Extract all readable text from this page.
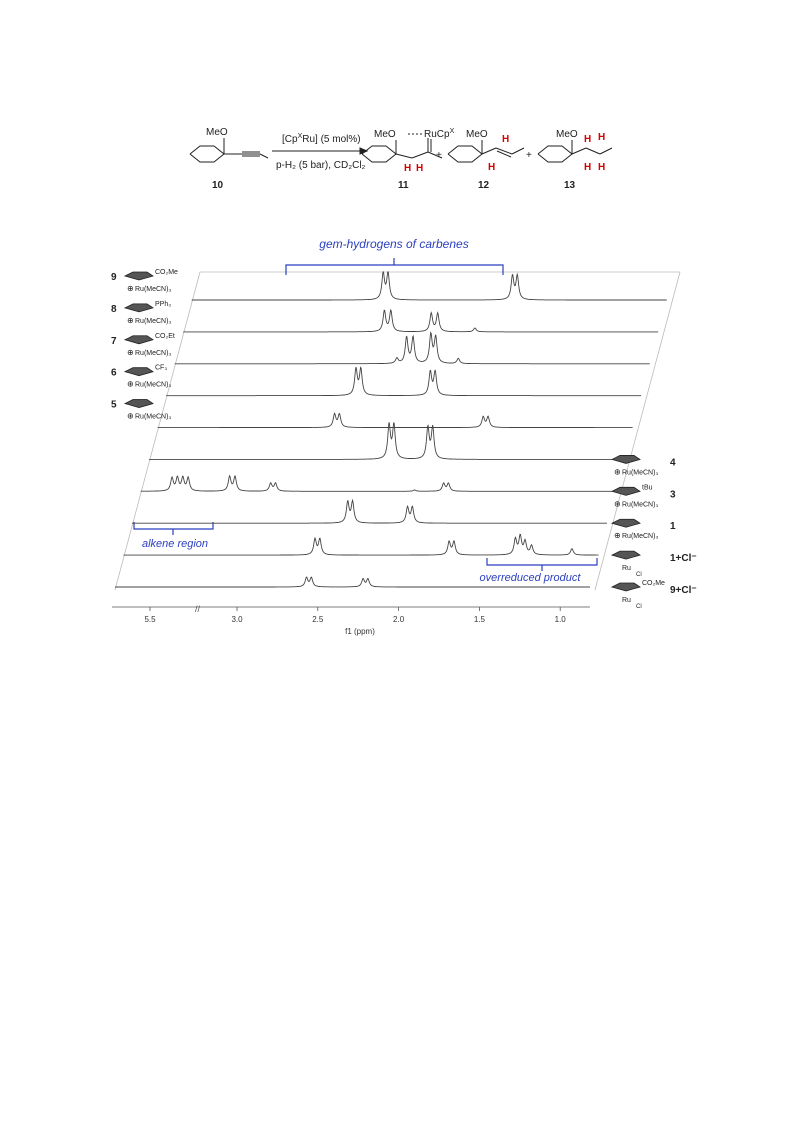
MeO
$[Cp^XRu]$ (5 mol%)
p-H₂ (5 bar), CD₂Cl₂
MeO	RuCp$^X$
H H
+
MeO H
H
+
MeO H H
H H
10	11	12	13
gem-hydrogens of carbenes
alkene region
overreduced product
//
5.5	3.0	2.5	2.0	1.5	1.0
f1 (ppm)
9	CO₂Me
⊕ Ru(MeCN)₃
8	PPh₃
⊕ Ru(MeCN)₃
7	CO₂Et
⊕ Ru(MeCN)₃
6	CF₃
⊕ Ru(MeCN)₃
5
⊕ Ru(MeCN)₃
4
⊕ Ru(MeCN)₃
3
tBu
⊕ Ru(MeCN)₃
1
⊕ Ru(MeCN)₃
1+Cl⁻
Ru
Cl
9+Cl⁻
CO₂Me
Ru
Cl
